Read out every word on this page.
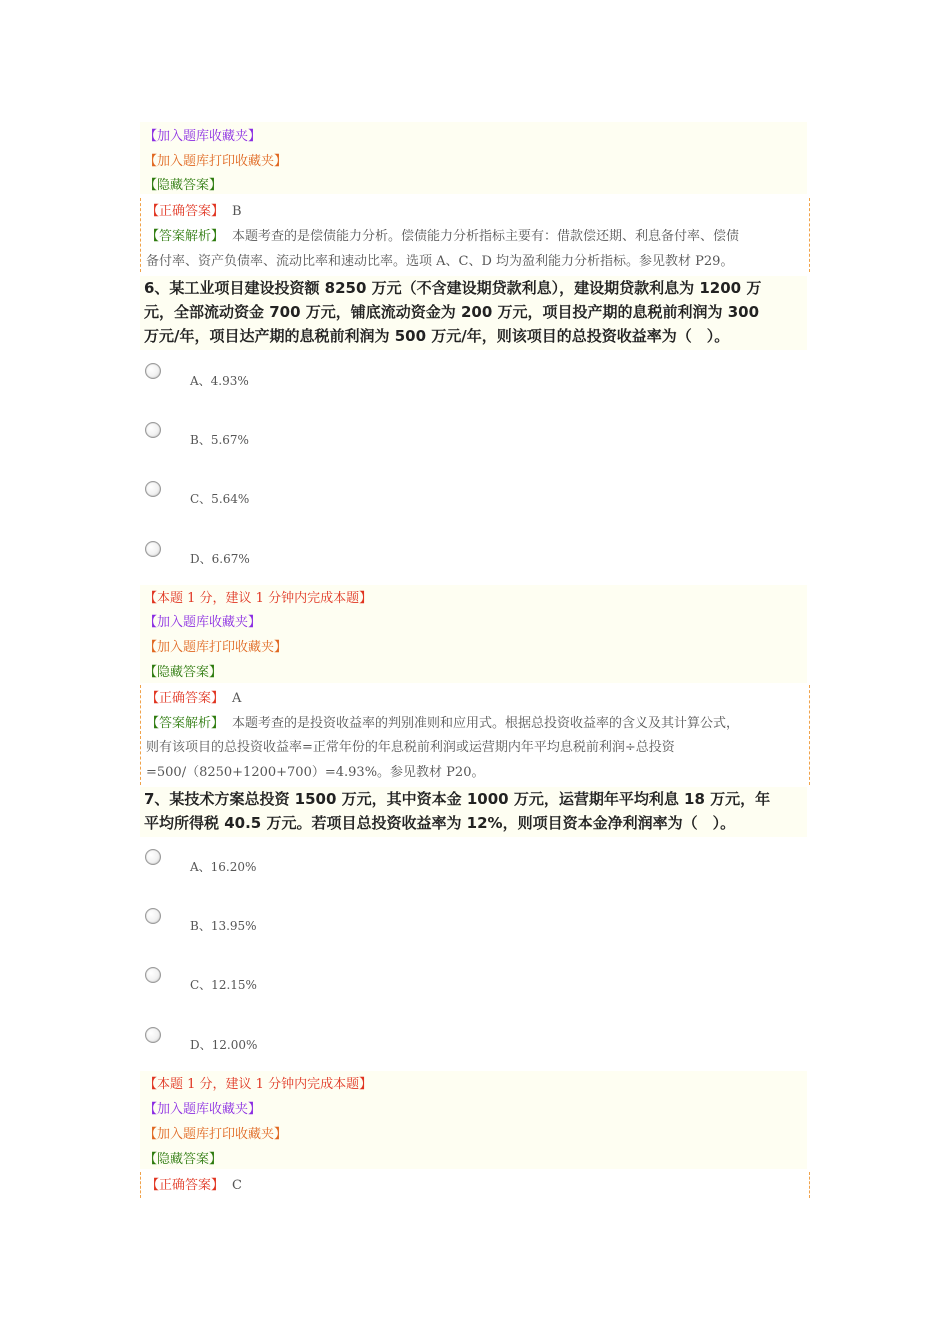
【加入题库收藏夹】
【加入题库打印收藏夹】
【隐藏答案】
【正确答案】 B
【答案解析】 本题考查的是偿债能力分析。偿债能力分析指标主要有：借款偿还期、利息备付率、偿债
备付率、资产负债率、流动比率和速动比率。选项 A、C、D 均为盈利能力分析指标。参见教材 P29。
6、某工业项目建设投资额 8250 万元（不含建设期贷款利息），建设期贷款利息为 1200 万
元，全部流动资金 700 万元，铺底流动资金为 200 万元，项目投产期的息税前利润为 300
万元/年，项目达产期的息税前利润为 500 万元/年，则该项目的总投资收益率为（　）。
A、4.93%
B、5.67%
C、5.64%
D、6.67%
【本题 1 分，建议 1 分钟内完成本题】
【加入题库收藏夹】
【加入题库打印收藏夹】
【隐藏答案】
【正确答案】 A
【答案解析】 本题考查的是投资收益率的判别准则和应用式。根据总投资收益率的含义及其计算公式，
则有该项目的总投资收益率=正常年份的年息税前利润或运营期内年平均息税前利润÷总投资
=500/（8250+1200+700）=4.93%。参见教材 P20。
7、某技术方案总投资 1500 万元，其中资本金 1000 万元，运营期年平均利息 18 万元，年
平均所得税 40.5 万元。若项目总投资收益率为 12%，则项目资本金净利润率为（　）。
A、16.20%
B、13.95%
C、12.15%
D、12.00%
【本题 1 分，建议 1 分钟内完成本题】
【加入题库收藏夹】
【加入题库打印收藏夹】
【隐藏答案】
【正确答案】 C
